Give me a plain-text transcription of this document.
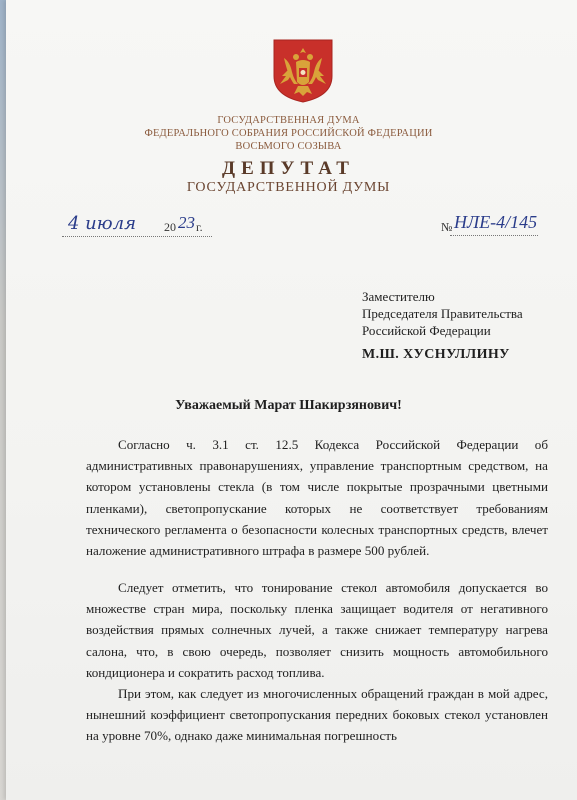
ГОСУДАРСТВЕННАЯ ДУМА
ФЕДЕРАЛЬНОГО СОБРАНИЯ РОССИЙСКОЙ ФЕДЕРАЦИИ
ВОСЬМОГО СОЗЫВА
ДЕПУТАТ
ГОСУДАРСТВЕННОЙ ДУМЫ
4 июля 20 23 г.	№ НЛЕ-4/145
Заместителю
Председателя Правительства
Российской Федерации
М.Ш. ХУСНУЛЛИНУ
Уважаемый Марат Шакирзянович!
Согласно ч. 3.1 ст. 12.5 Кодекса Российской Федерации об административных правонарушениях, управление транспортным средством, на котором установлены стекла (в том числе покрытые прозрачными цветными пленками), светопропускание которых не соответствует требованиям технического регламента о безопасности колесных транспортных средств, влечет наложение административного штрафа в размере 500 рублей.
Следует отметить, что тонирование стекол автомобиля допускается во множестве стран мира, поскольку пленка защищает водителя от негативного воздействия прямых солнечных лучей, а также снижает температуру нагрева салона, что, в свою очередь, позволяет снизить мощность автомобильного кондиционера и сократить расход топлива.
При этом, как следует из многочисленных обращений граждан в мой адрес, нынешний коэффициент светопропускания передних боковых стекол установлен на уровне 70%, однако даже минимальная погрешность
